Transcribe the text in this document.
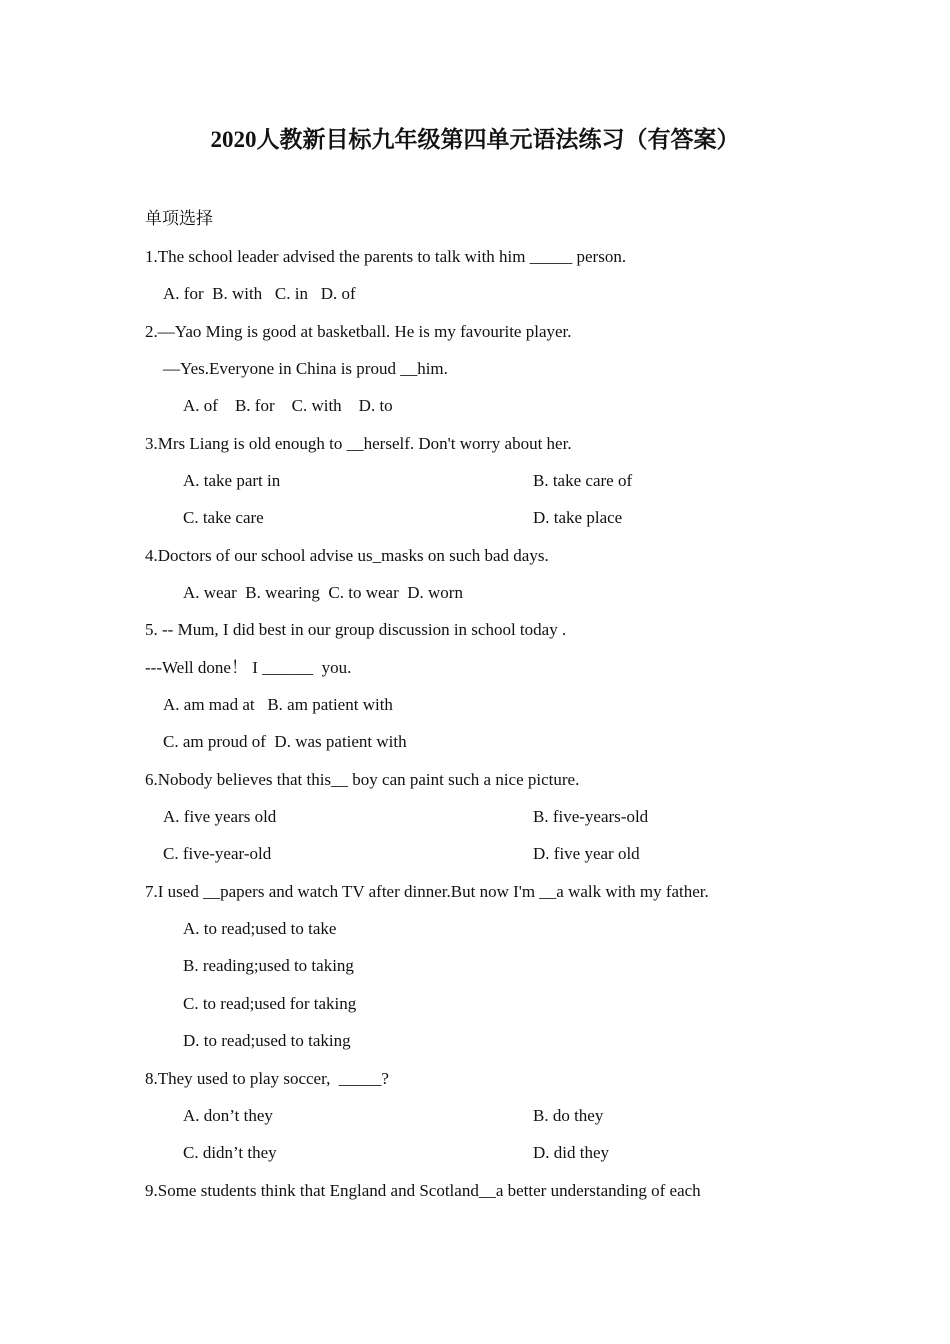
2020人教新目标九年级第四单元语法练习（有答案）
单项选择
1.The school leader advised the parents to talk with him _____ person.
A. for  B. with   C. in   D. of
2.—Yao Ming is good at basketball. He is my favourite player.
—Yes.Everyone in China is proud __him.
A. of    B. for    C. with    D. to
3.Mrs Liang is old enough to __herself. Don't worry about her.
A. take part in	B. take care of
C. take care	D. take place
4.Doctors of our school advise us_masks on such bad days.
A. wear  B. wearing  C. to wear  D. worn
5. -- Mum, I did best in our group discussion in school today .
---Well done！ I ______  you.
A. am mad at   B. am patient with
C. am proud of  D. was patient with
6.Nobody believes that this__ boy can paint such a nice picture.
A. five years old	B. five-years-old
C. five-year-old	D. five year old
7.I used __papers and watch TV after dinner.But now I'm __a walk with my father.
A. to read;used to take
B. reading;used to taking
C. to read;used for taking
D. to read;used to taking
8.They used to play soccer,  _____?
A. don’t they	B. do they
C. didn’t they	D. did they
9.Some students think that England and Scotland__a better understanding of each
